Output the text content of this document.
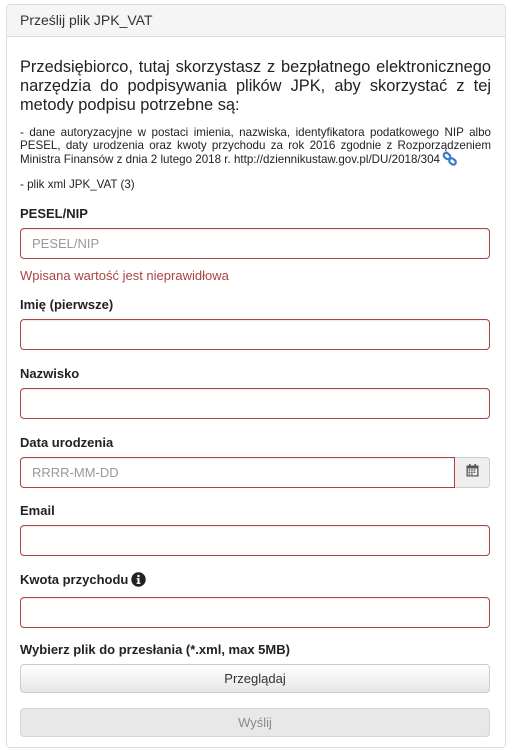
Prześlij plik JPK_VAT

Przedsiębiorco, tutaj skorzystasz z bezpłatnego elektronicznego narzędzia do podpisywania plików JPK, aby skorzystać z tej metody podpisu potrzebne są:

- dane autoryzacyjne w postaci imienia, nazwiska, identyfikatora podatkowego NIP albo PESEL, daty urodzenia oraz kwoty przychodu za rok 2016 zgodnie z Rozporządzeniem Ministra Finansów z dnia 2 lutego 2018 r. http://dziennikustaw.gov.pl/DU/2018/304

- plik xml JPK_VAT (3)

PESEL/NIP
PESEL/NIP
Wpisana wartość jest nieprawidłowa
Imię (pierwsze)
Nazwisko
Data urodzenia
RRRR-MM-DD
Email
Kwota przychodu
Wybierz plik do przesłania (*.xml, max 5MB)
Przeglądaj
Wyślij
